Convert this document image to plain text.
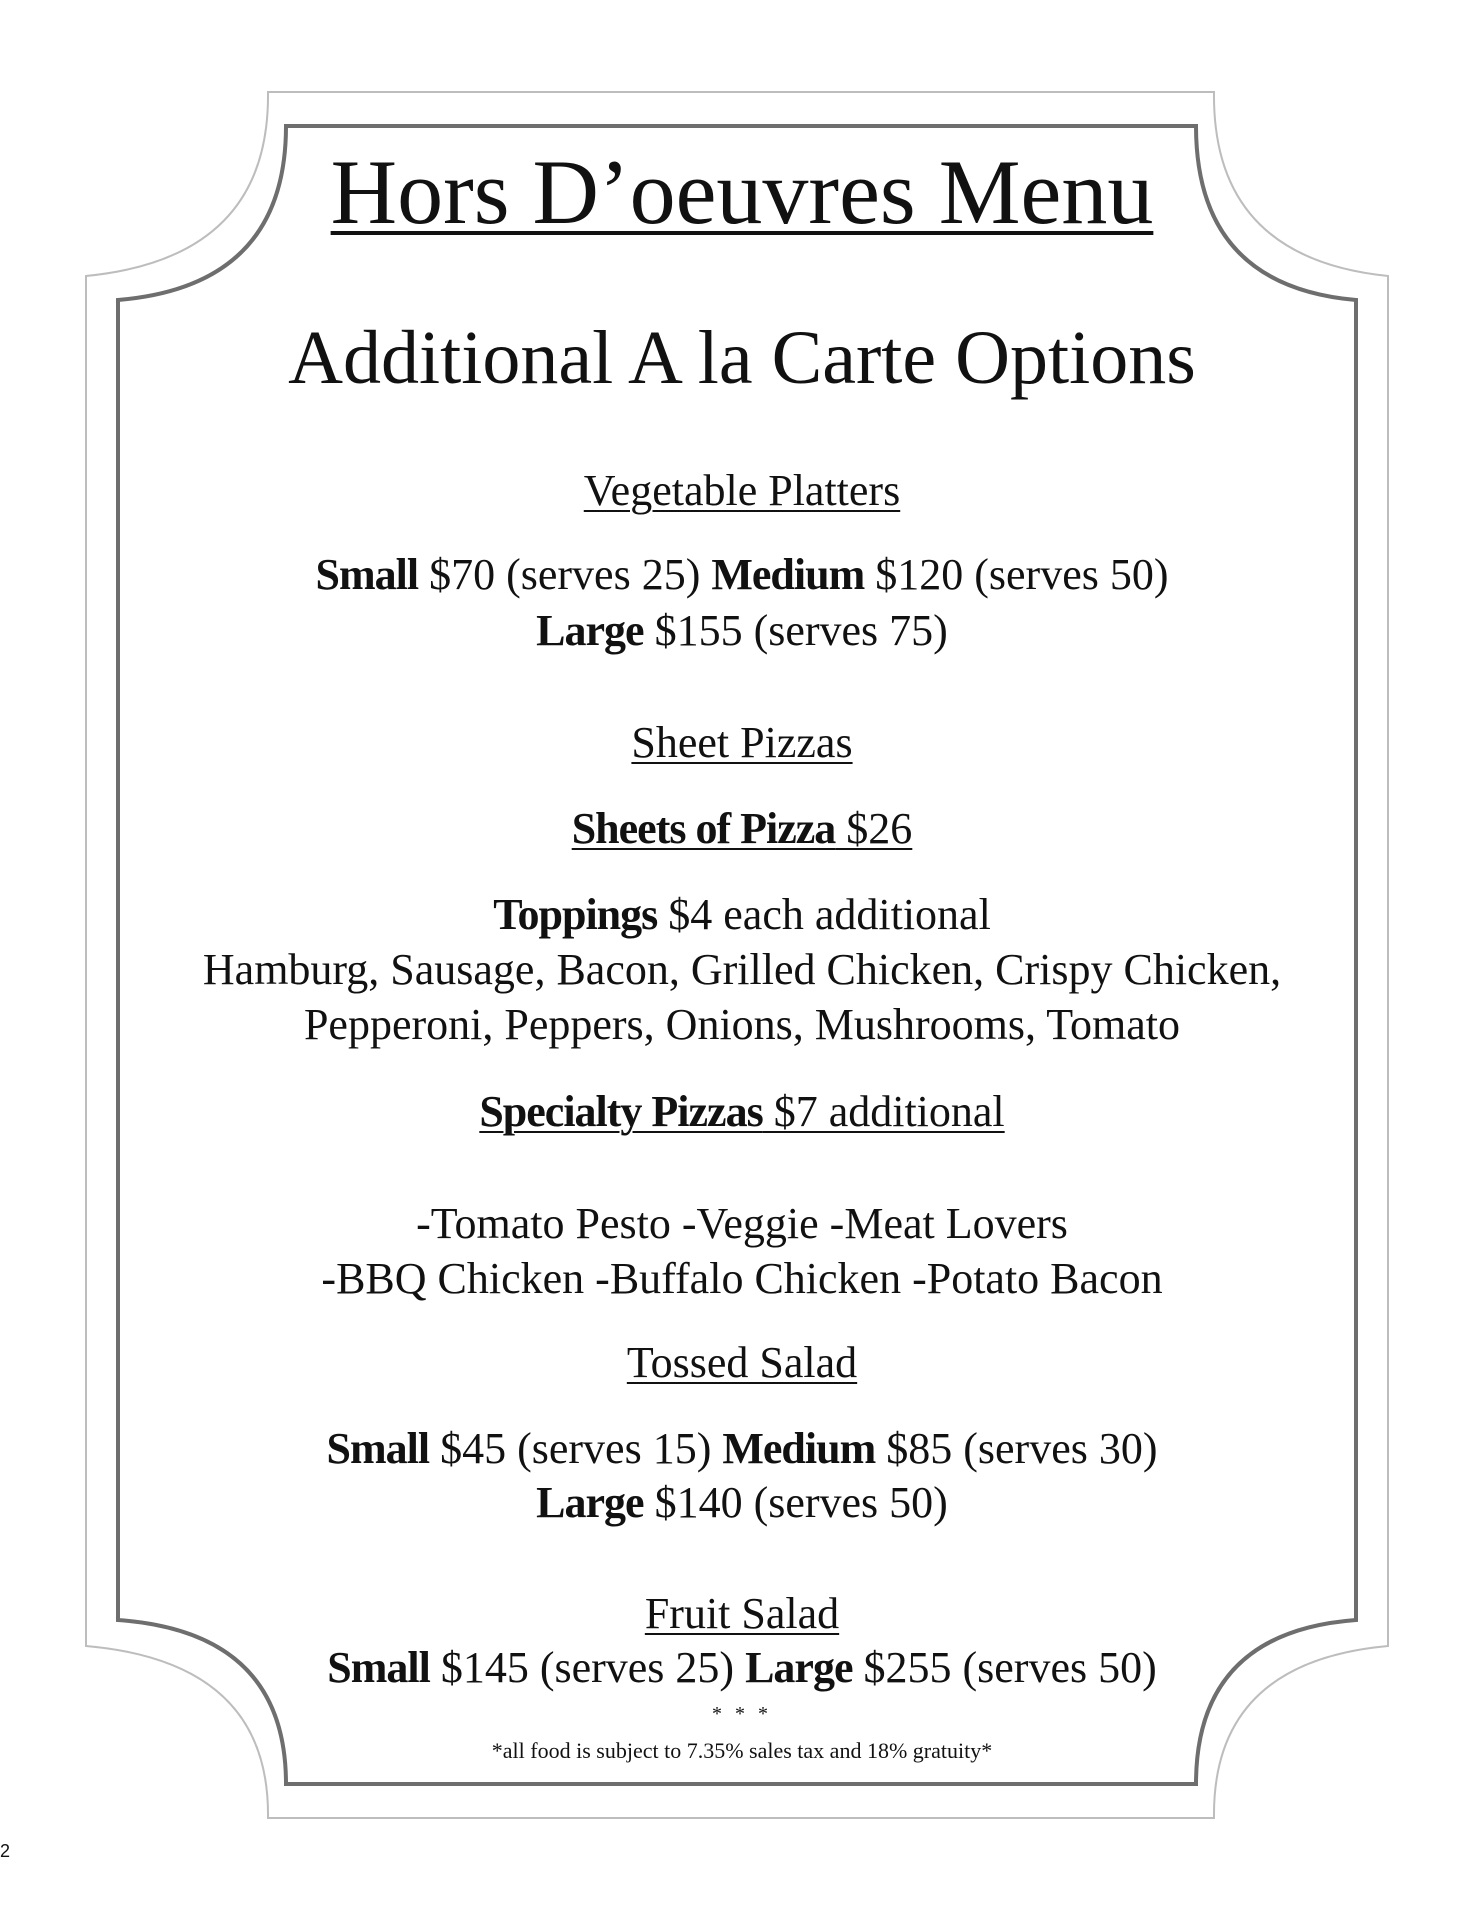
Hors D’oeuvres Menu
Additional A la Carte Options
Vegetable Platters
Small $70 (serves 25) Medium $120 (serves 50)
Large $155 (serves 75)
Sheet Pizzas
Sheets of Pizza $26
Toppings $4 each additional
Hamburg, Sausage, Bacon, Grilled Chicken, Crispy Chicken,
Pepperoni, Peppers, Onions, Mushrooms, Tomato
Specialty Pizzas $7 additional
-Tomato Pesto -Veggie -Meat Lovers
-BBQ Chicken -Buffalo Chicken -Potato Bacon
Tossed Salad
Small $45 (serves 15) Medium $85 (serves 30)
Large $140 (serves 50)
Fruit Salad
Small $145 (serves 25) Large $255 (serves 50)
* * *
*all food is subject to 7.35% sales tax and 18% gratuity*
2
